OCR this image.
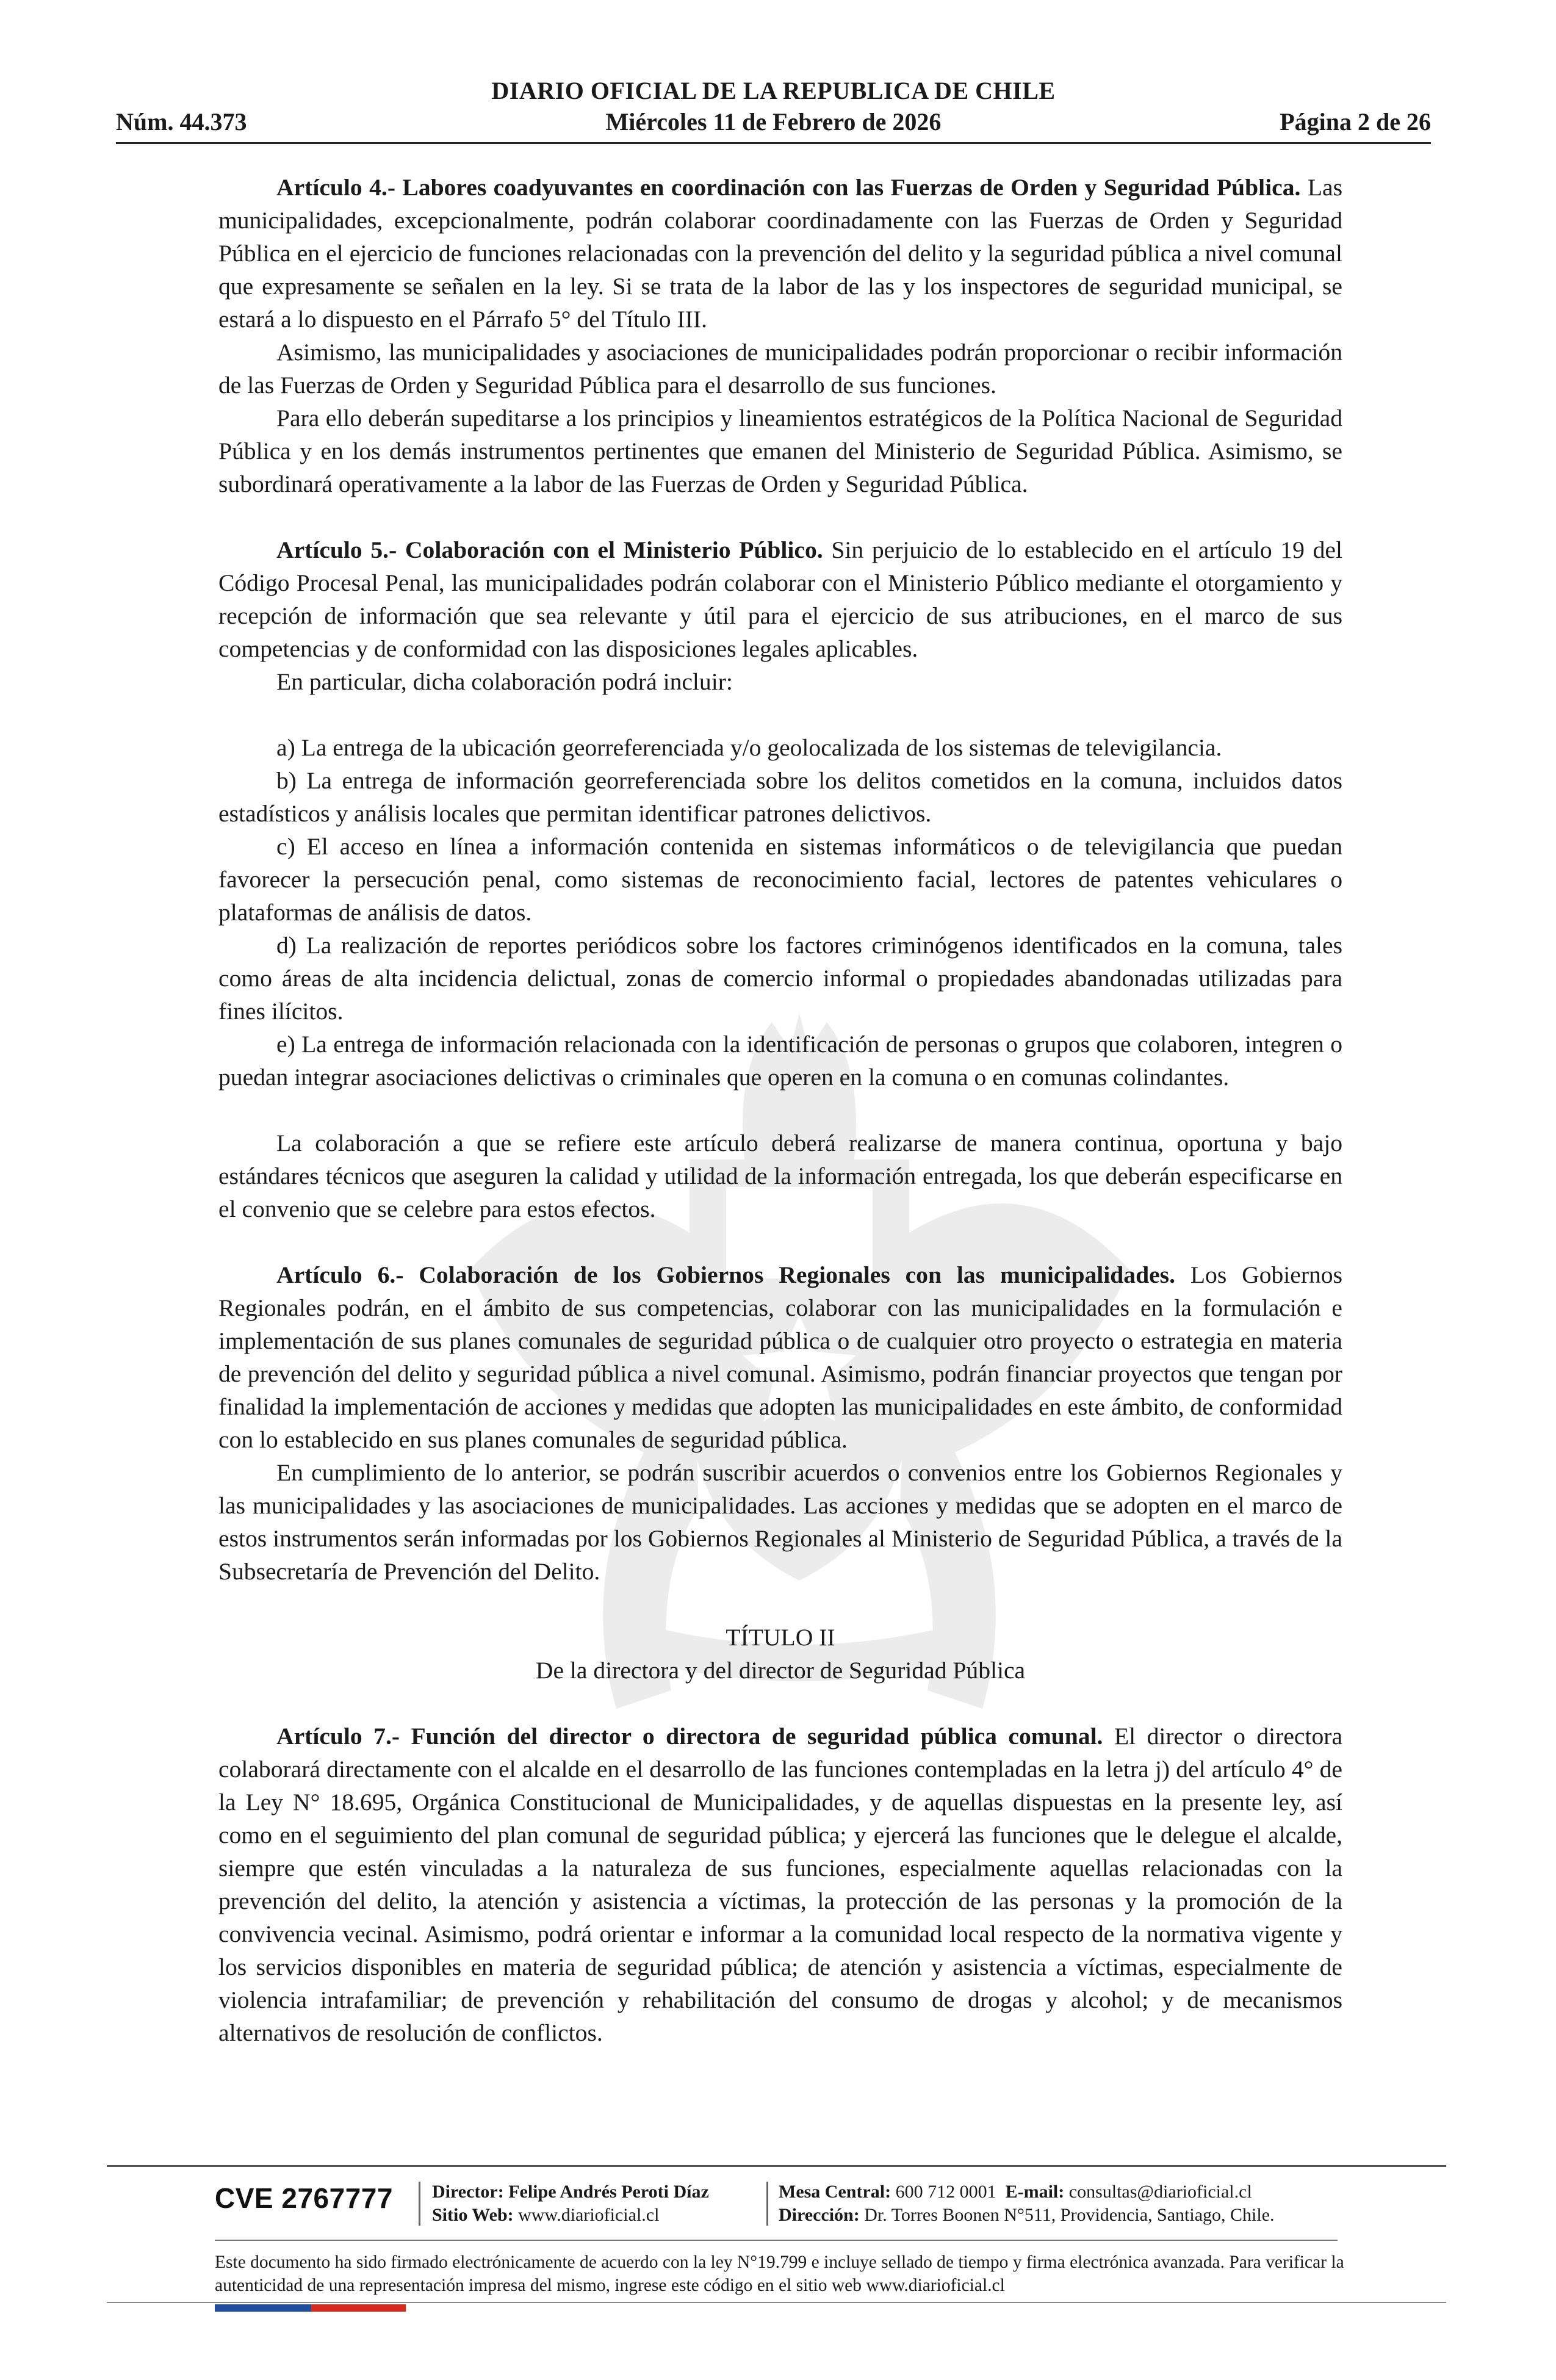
DIARIO OFICIAL DE LA REPUBLICA DE CHILE
Núm. 44.373	Miércoles 11 de Febrero de 2026	Página 2 de 26

Artículo 4.- Labores coadyuvantes en coordinación con las Fuerzas de Orden y Seguridad Pública. Las municipalidades, excepcionalmente, podrán colaborar coordinadamente con las Fuerzas de Orden y Seguridad Pública en el ejercicio de funciones relacionadas con la prevención del delito y la seguridad pública a nivel comunal que expresamente se señalen en la ley. Si se trata de la labor de las y los inspectores de seguridad municipal, se estará a lo dispuesto en el Párrafo 5° del Título III.

Asimismo, las municipalidades y asociaciones de municipalidades podrán proporcionar o recibir información de las Fuerzas de Orden y Seguridad Pública para el desarrollo de sus funciones.

Para ello deberán supeditarse a los principios y lineamientos estratégicos de la Política Nacional de Seguridad Pública y en los demás instrumentos pertinentes que emanen del Ministerio de Seguridad Pública. Asimismo, se subordinará operativamente a la labor de las Fuerzas de Orden y Seguridad Pública.

Artículo 5.- Colaboración con el Ministerio Público. Sin perjuicio de lo establecido en el artículo 19 del Código Procesal Penal, las municipalidades podrán colaborar con el Ministerio Público mediante el otorgamiento y recepción de información que sea relevante y útil para el ejercicio de sus atribuciones, en el marco de sus competencias y de conformidad con las disposiciones legales aplicables.

En particular, dicha colaboración podrá incluir:

a) La entrega de la ubicación georreferenciada y/o geolocalizada de los sistemas de televigilancia.

b) La entrega de información georreferenciada sobre los delitos cometidos en la comuna, incluidos datos estadísticos y análisis locales que permitan identificar patrones delictivos.

c) El acceso en línea a información contenida en sistemas informáticos o de televigilancia que puedan favorecer la persecución penal, como sistemas de reconocimiento facial, lectores de patentes vehiculares o plataformas de análisis de datos.

d) La realización de reportes periódicos sobre los factores criminógenos identificados en la comuna, tales como áreas de alta incidencia delictual, zonas de comercio informal o propiedades abandonadas utilizadas para fines ilícitos.

e) La entrega de información relacionada con la identificación de personas o grupos que colaboren, integren o puedan integrar asociaciones delictivas o criminales que operen en la comuna o en comunas colindantes.

La colaboración a que se refiere este artículo deberá realizarse de manera continua, oportuna y bajo estándares técnicos que aseguren la calidad y utilidad de la información entregada, los que deberán especificarse en el convenio que se celebre para estos efectos.

Artículo 6.- Colaboración de los Gobiernos Regionales con las municipalidades. Los Gobiernos Regionales podrán, en el ámbito de sus competencias, colaborar con las municipalidades en la formulación e implementación de sus planes comunales de seguridad pública o de cualquier otro proyecto o estrategia en materia de prevención del delito y seguridad pública a nivel comunal. Asimismo, podrán financiar proyectos que tengan por finalidad la implementación de acciones y medidas que adopten las municipalidades en este ámbito, de conformidad con lo establecido en sus planes comunales de seguridad pública.

En cumplimiento de lo anterior, se podrán suscribir acuerdos o convenios entre los Gobiernos Regionales y las municipalidades y las asociaciones de municipalidades. Las acciones y medidas que se adopten en el marco de estos instrumentos serán informadas por los Gobiernos Regionales al Ministerio de Seguridad Pública, a través de la Subsecretaría de Prevención del Delito.

TÍTULO II

De la directora y del director de Seguridad Pública

Artículo 7.- Función del director o directora de seguridad pública comunal. El director o directora colaborará directamente con el alcalde en el desarrollo de las funciones contempladas en la letra j) del artículo 4° de la Ley N° 18.695, Orgánica Constitucional de Municipalidades, y de aquellas dispuestas en la presente ley, así como en el seguimiento del plan comunal de seguridad pública; y ejercerá las funciones que le delegue el alcalde, siempre que estén vinculadas a la naturaleza de sus funciones, especialmente aquellas relacionadas con la prevención del delito, la atención y asistencia a víctimas, la protección de las personas y la promoción de la convivencia vecinal. Asimismo, podrá orientar e informar a la comunidad local respecto de la normativa vigente y los servicios disponibles en materia de seguridad pública; de atención y asistencia a víctimas, especialmente de violencia intrafamiliar; de prevención y rehabilitación del consumo de drogas y alcohol; y de mecanismos alternativos de resolución de conflictos.

CVE 2767777 Director: Felipe Andrés Peroti Díaz
Sitio Web: www.diarioficial.cl
Mesa Central: 600 712 0001 E-mail: consultas@diarioficial.cl
Dirección: Dr. Torres Boonen N°511, Providencia, Santiago, Chile.
Este documento ha sido firmado electrónicamente de acuerdo con la ley N°19.799 e incluye sellado de tiempo y firma electrónica avanzada. Para verificar la autenticidad de una representación impresa del mismo, ingrese este código en el sitio web www.diarioficial.cl
